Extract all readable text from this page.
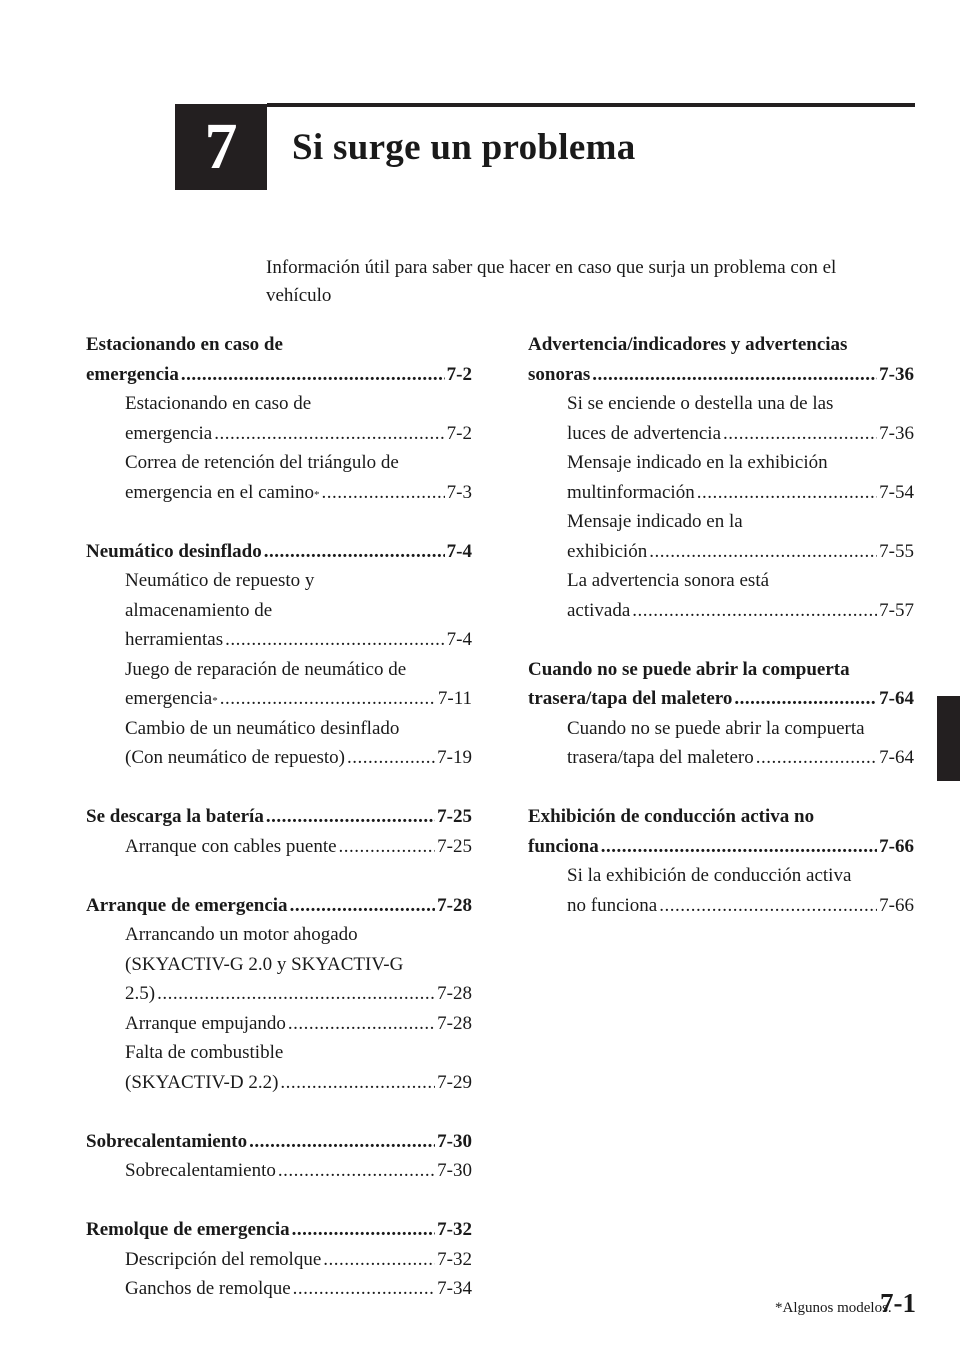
7	Si surge un problema
Información útil para saber que hacer en caso que surja un problema con el vehículo
Estacionando en caso de
emergencia .....	7-2
Estacionando en caso de
emergencia .....	7-2
Correa de retención del triángulo de
emergencia en el camino * .....	7-3
Neumático desinflado .....	7-4
Neumático de repuesto y
almacenamiento de
herramientas .....	7-4
Juego de reparación de neumático de
emergencia * .....	7-11
Cambio de un neumático desinflado
(Con neumático de repuesto) .....	7-19
Se descarga la batería .....	7-25
Arranque con cables puente .....	7-25
Arranque de emergencia .....	7-28
Arrancando un motor ahogado
(SKYACTIV-G 2.0 y SKYACTIV-G
2.5) .....	7-28
Arranque empujando .....	7-28
Falta de combustible
(SKYACTIV-D 2.2) .....	7-29
Sobrecalentamiento .....	7-30
Sobrecalentamiento .....	7-30
Remolque de emergencia .....	7-32
Descripción del remolque .....	7-32
Ganchos de remolque .....	7-34
Advertencia/indicadores y advertencias
sonoras .....	7-36
Si se enciende o destella una de las
luces de advertencia .....	7-36
Mensaje indicado en la exhibición
multinformación .....	7-54
Mensaje indicado en la
exhibición .....	7-55
La advertencia sonora está
activada .....	7-57
Cuando no se puede abrir la compuerta
trasera/tapa del maletero .....	7-64
Cuando no se puede abrir la compuerta
trasera/tapa del maletero .....	7-64
Exhibición de conducción activa no
funciona .....	7-66
Si la exhibición de conducción activa
no funciona .....	7-66
*Algunos modelos.
7-1
